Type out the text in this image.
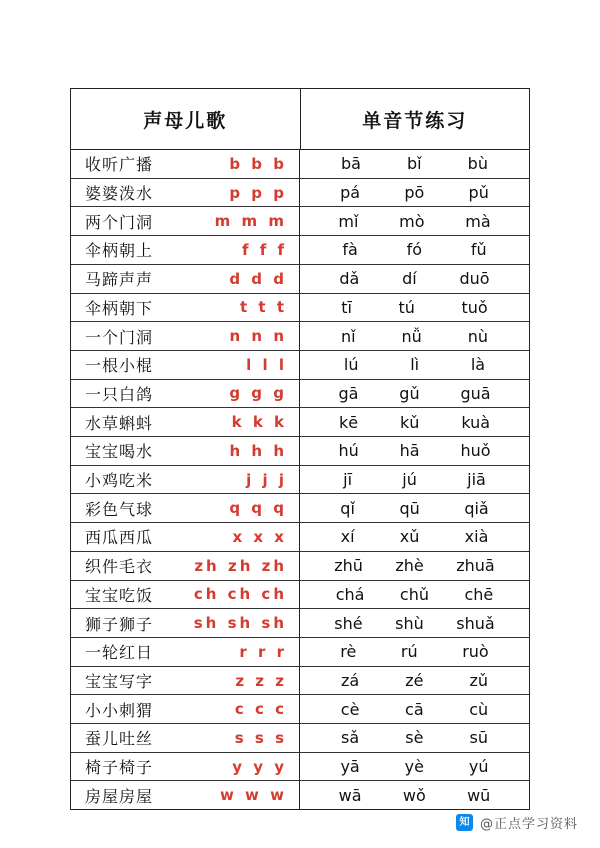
声母儿歌	单音节练习
收听广播	b b b	bā	bǐ	bù
婆婆泼水	p p p	pá	pō	pǔ
两个门洞	m m m	mǐ	mò	mà
伞柄朝上	f f f	fà	fó	fǔ
马蹄声声	d d d	dǎ	dí	duō
伞柄朝下	t t t	tī	tú	tuǒ
一个门洞	n n n	nǐ	nǚ	nù
一根小棍	l l l	lú	lì	là
一只白鸽	g g g	gā	gǔ	guā
水草蝌蚪	k k k	kē	kǔ	kuà
宝宝喝水	h h h	hú	hā	huǒ
小鸡吃米	j j j	jī	jú	jiā
彩色气球	q q q	qǐ	qū	qiǎ
西瓜西瓜	x x x	xí	xǔ	xià
织件毛衣	zh zh zh	zhū zhè zhuā
宝宝吃饭	ch ch ch	chá chǔ chē
狮子狮子	sh sh sh	shé shù shuǎ
一轮红日	r r r	rè	rú	ruò
宝宝写字	z z z	zá	zé	zǔ
小小刺猬	c c c	cè	cā	cù
蚕儿吐丝	s s s	sǎ	sè	sū
椅子椅子	y y y	yā	yè	yú
房屋房屋	w w w	wā	wǒ	wū
知 @正点学习资料
